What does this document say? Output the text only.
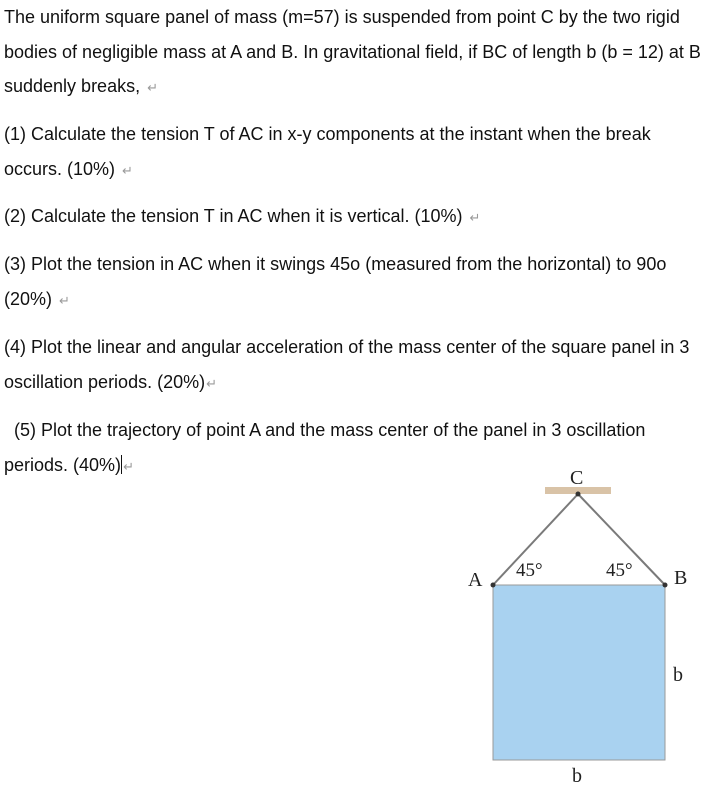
The uniform square panel of mass (m=57) is suspended from point C by the two rigid bodies of negligible mass at A and B. In gravitational field, if BC of length b (b = 12) at B suddenly breaks, ↵
(1) Calculate the tension T of AC in x-y components at the instant when the break occurs. (10%) ↵
(2) Calculate the tension T in AC when it is vertical. (10%) ↵
(3) Plot the tension in AC when it swings 45o (measured from the horizontal) to 90o (20%) ↵
(4) Plot the linear and angular acceleration of the mass center of the square panel in 3 oscillation periods. (20%)↵
(5) Plot the trajectory of point A and the mass center of the panel in 3 oscillation periods. (40%) ↵	C
A	B
45°	45°
b
b
